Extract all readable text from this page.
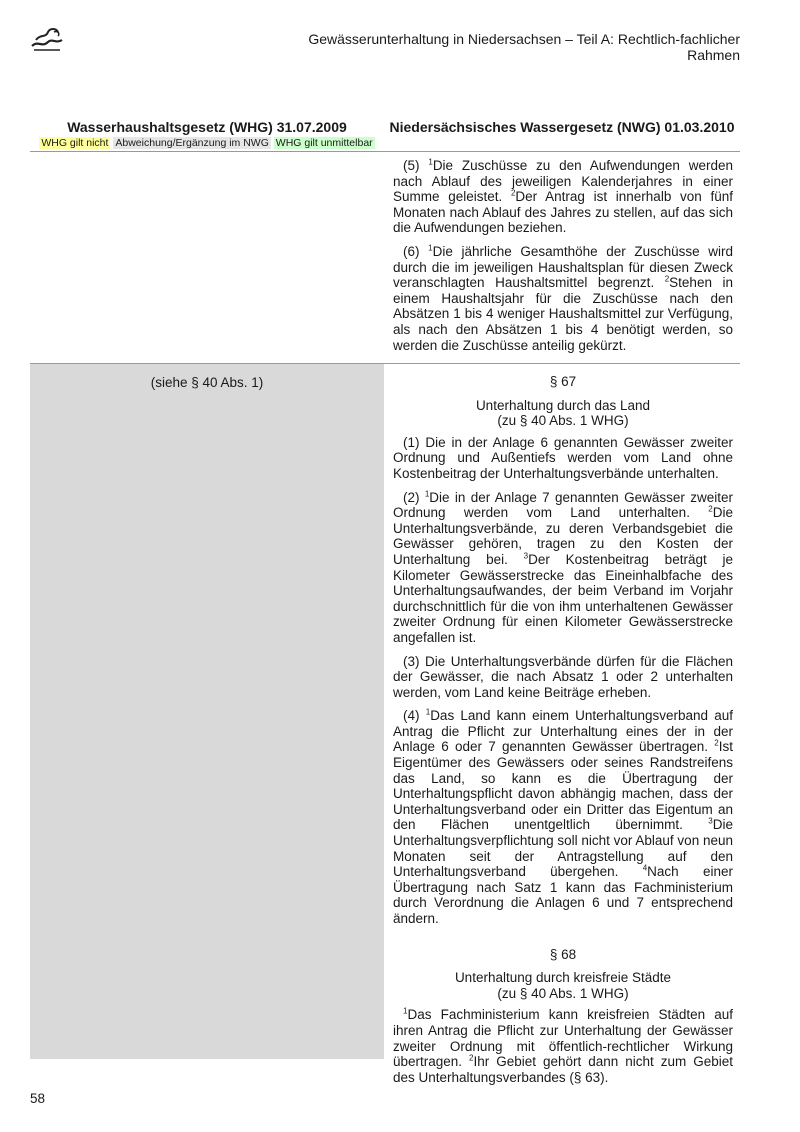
Gewässerunterhaltung in Niedersachsen – Teil A: Rechtlich-fachlicher Rahmen
Wasserhaushaltsgesetz (WHG) 31.07.2009
WHG gilt nicht Abweichung/Ergänzung im NWG WHG gilt unmittelbar
Niedersächsisches Wassergesetz (NWG) 01.03.2010

(5) $^1$Die Zuschüsse zu den Aufwendungen werden nach Ablauf des jeweiligen Kalenderjahres in einer Summe geleistet. $^2$Der Antrag ist innerhalb von fünf Monaten nach Ablauf des Jahres zu stellen, auf das sich die Aufwendungen beziehen.

(6) $^1$Die jährliche Gesamthöhe der Zuschüsse wird durch die im jeweiligen Haushaltsplan für diesen Zweck veranschlagten Haushaltsmittel begrenzt. $^2$Stehen in einem Haushaltsjahr für die Zuschüsse nach den Absätzen 1 bis 4 weniger Haushaltsmittel zur Verfügung, als nach den Absätzen 1 bis 4 benötigt werden, so werden die Zuschüsse anteilig gekürzt.

(siehe § 40 Abs. 1)	§ 67

Unterhaltung durch das Land
(zu § 40 Abs. 1 WHG)

(1) Die in der Anlage 6 genannten Gewässer zweiter Ordnung und Außentiefs werden vom Land ohne Kostenbeitrag der Unterhaltungsverbände unterhalten.

(2) $^1$Die in der Anlage 7 genannten Gewässer zweiter Ordnung werden vom Land unterhalten. $^2$Die Unterhaltungsverbände, zu deren Verbandsgebiet die Gewässer gehören, tragen zu den Kosten der Unterhaltung bei. $^3$Der Kostenbeitrag beträgt je Kilometer Gewässerstrecke das Eineinhalbfache des Unterhaltungsaufwandes, der beim Verband im Vorjahr durchschnittlich für die von ihm unterhaltenen Gewässer zweiter Ordnung für einen Kilometer Gewässerstrecke angefallen ist.

(3) Die Unterhaltungsverbände dürfen für die Flächen der Gewässer, die nach Absatz 1 oder 2 unterhalten werden, vom Land keine Beiträge erheben.

(4) $^1$Das Land kann einem Unterhaltungsverband auf Antrag die Pflicht zur Unterhaltung eines der in der Anlage 6 oder 7 genannten Gewässer übertragen. $^2$Ist Eigentümer des Gewässers oder seines Randstreifens das Land, so kann es die Übertragung der Unterhaltungspflicht davon abhängig machen, dass der Unterhaltungsverband oder ein Dritter das Eigentum an den Flächen unentgeltlich übernimmt. $^3$Die Unterhaltungsverpflichtung soll nicht vor Ablauf von neun Monaten seit der Antragstellung auf den Unterhaltungsverband übergehen. $^4$Nach einer Übertragung nach Satz 1 kann das Fachministerium durch Verordnung die Anlagen 6 und 7 entsprechend ändern.

§ 68

Unterhaltung durch kreisfreie Städte
(zu § 40 Abs. 1 WHG)

$^1$Das Fachministerium kann kreisfreien Städten auf ihren Antrag die Pflicht zur Unterhaltung der Gewässer zweiter Ordnung mit öffentlich-rechtlicher Wirkung übertragen. $^2$Ihr Gebiet gehört dann nicht zum Gebiet des Unterhaltungsverbandes (§ 63).

58
